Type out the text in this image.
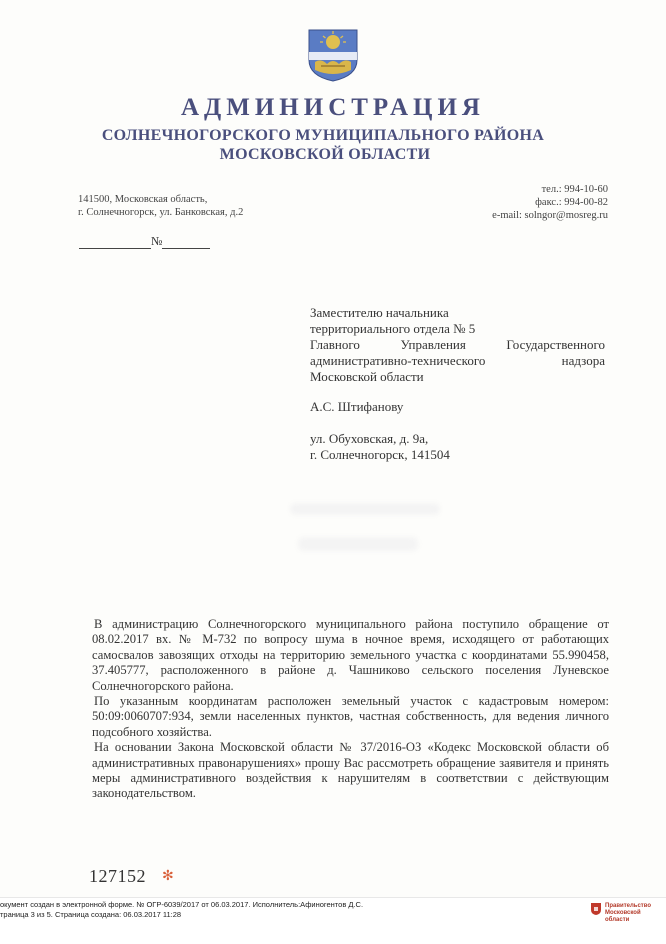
АДМИНИСТРАЦИЯ
СОЛНЕЧНОГОРСКОГО МУНИЦИПАЛЬНОГО РАЙОНА
МОСКОВСКОЙ ОБЛАСТИ
141500, Московская область,
г. Солнечногорск, ул. Банковская, д.2
тел.: 994-10-60
факс.: 994-00-82
e-mail: solngor@mosreg.ru
№
Заместителю начальника
территориального отдела № 5
Главного Управления Государственного
административно-технического надзора
Московской области
А.С. Штифанову
ул. Обуховская, д. 9а,
г. Солнечногорск, 141504

В администрацию Солнечногорского муниципального района поступило обращение от 08.02.2017 вх. № М-732 по вопросу шума в ночное время, исходящего от работающих самосвалов завозящих отходы на территорию земельного участка с координатами 55.990458, 37.405777, расположенного в районе д. Чашниково сельского поселения Луневское Солнечногорского района.

По указанным координатам расположен земельный участок с кадастровым номером: 50:09:0060707:934, земли населенных пунктов, частная собственность, для ведения личного подсобного хозяйства.

На основании Закона Московской области № 37/2016-ОЗ «Кодекс Московской области об административных правонарушениях» прошу Вас рассмотреть обращение заявителя и принять меры административного воздействия к нарушителям в соответствии с действующим законодательством.

127152 ✻
окумент создан в электронной форме. № ОГР-6039/2017 от 06.03.2017. Исполнитель:Афиногентов Д.С.
траница 3 из 5. Страница создана: 06.03.2017 11:28
Правительство
Московской области
